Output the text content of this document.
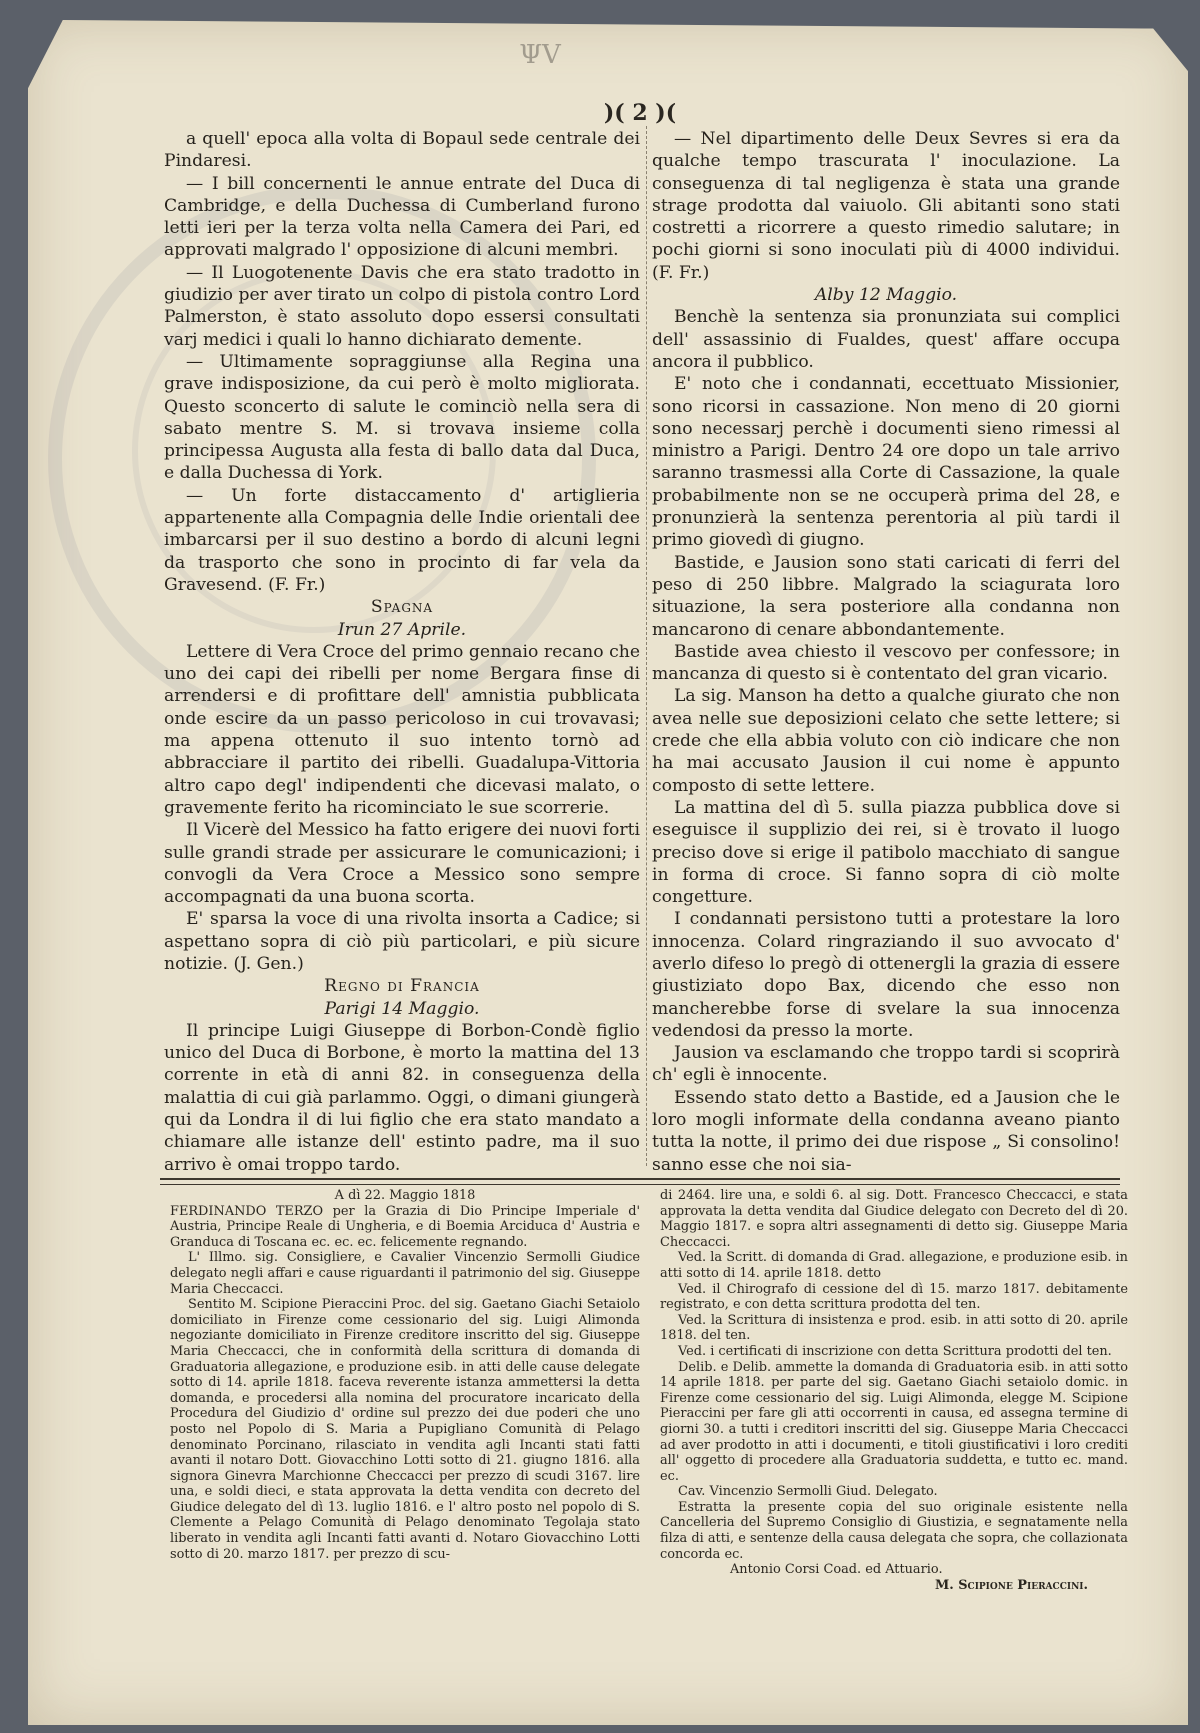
ΨV
)( 2 )(

a quell' epoca alla volta di Bopaul sede centrale dei Pindaresi.

— I bill concernenti le annue entrate del Duca di Cambridge, e della Duchessa di Cumberland furono letti ieri per la terza volta nella Camera dei Pari, ed approvati malgrado l' opposizione di alcuni membri.

— Il Luogotenente Davis che era stato tradotto in giudizio per aver tirato un colpo di pistola contro Lord Palmerston, è stato assoluto dopo essersi consultati varj medici i quali lo hanno dichiarato demente.

— Ultimamente sopraggiunse alla Regina una grave indisposizione, da cui però è molto migliorata. Questo sconcerto di salute le cominciò nella sera di sabato mentre S. M. si trovava insieme colla principessa Augusta alla festa di ballo data dal Duca, e dalla Duchessa di York.

— Un forte distaccamento d' artiglieria appartenente alla Compagnia delle Indie orientali dee imbarcarsi per il suo destino a bordo di alcuni legni da trasporto che sono in procinto di far vela da Gravesend. (F. Fr.)

Spagna

Irun 27 Aprile.

Lettere di Vera Croce del primo gennaio recano che uno dei capi dei ribelli per nome Bergara finse di arrendersi e di profittare dell' amnistia pubblicata onde escire da un passo pericoloso in cui trovavasi; ma appena ottenuto il suo intento tornò ad abbracciare il partito dei ribelli. Guadalupa-Vittoria altro capo degl' indipendenti che dicevasi malato, o gravemente ferito ha ricominciato le sue scorrerie.

Il Vicerè del Messico ha fatto erigere dei nuovi forti sulle grandi strade per assicurare le comunicazioni; i convogli da Vera Croce a Messico sono sempre accompagnati da una buona scorta.

E' sparsa la voce di una rivolta insorta a Cadice; si aspettano sopra di ciò più particolari, e più sicure notizie. (J. Gen.)

Regno di Francia

Parigi 14 Maggio.

Il principe Luigi Giuseppe di Borbon-Condè figlio unico del Duca di Borbone, è morto la mattina del 13 corrente in età di anni 82. in conseguenza della malattia di cui già parlammo. Oggi, o dimani giungerà qui da Londra il di lui figlio che era stato mandato a chiamare alle istanze dell' estinto padre, ma il suo arrivo è omai troppo tardo.

— Nel dipartimento delle Deux Sevres si era da qualche tempo trascurata l' inoculazione. La conseguenza di tal negligenza è stata una grande strage prodotta dal vaiuolo. Gli abitanti sono stati costretti a ricorrere a questo rimedio salutare; in pochi giorni si sono inoculati più di 4000 individui. (F. Fr.)

Alby 12 Maggio.

Benchè la sentenza sia pronunziata sui complici dell' assassinio di Fualdes, quest' affare occupa ancora il pubblico.

E' noto che i condannati, eccettuato Missionier, sono ricorsi in cassazione. Non meno di 20 giorni sono necessarj perchè i documenti sieno rimessi al ministro a Parigi. Dentro 24 ore dopo un tale arrivo saranno trasmessi alla Corte di Cassazione, la quale probabilmente non se ne occuperà prima del 28, e pronunzierà la sentenza perentoria al più tardi il primo giovedì di giugno.

Bastide, e Jausion sono stati caricati di ferri del peso di 250 libbre. Malgrado la sciagurata loro situazione, la sera posteriore alla condanna non mancarono di cenare abbondantemente.

Bastide avea chiesto il vescovo per confessore; in mancanza di questo si è contentato del gran vicario.

La sig. Manson ha detto a qualche giurato che non avea nelle sue deposizioni celato che sette lettere; si crede che ella abbia voluto con ciò indicare che non ha mai accusato Jausion il cui nome è appunto composto di sette lettere.

La mattina del dì 5. sulla piazza pubblica dove si eseguisce il supplizio dei rei, si è trovato il luogo preciso dove si erige il patibolo macchiato di sangue in forma di croce. Si fanno sopra di ciò molte congetture.

I condannati persistono tutti a protestare la loro innocenza. Colard ringraziando il suo avvocato d' averlo difeso lo pregò di ottenergli la grazia di essere giustiziato dopo Bax, dicendo che esso non mancherebbe forse di svelare la sua innocenza vedendosi da presso la morte.

Jausion va esclamando che troppo tardi si scoprirà ch' egli è innocente.

Essendo stato detto a Bastide, ed a Jausion che le loro mogli informate della condanna aveano pianto tutta la notte, il primo dei due rispose „ Si consolino! sanno esse che noi sia-

A dì 22. Maggio 1818

FERDINANDO TERZO per la Grazia di Dio Principe Imperiale d' Austria, Principe Reale di Ungheria, e di Boemia Arciduca d' Austria e Granduca di Toscana ec. ec. ec. felicemente regnando.

L' Illmo. sig. Consigliere, e Cavalier Vincenzio Sermolli Giudice delegato negli affari e cause riguardanti il patrimonio del sig. Giuseppe Maria Checcacci.

Sentito M. Scipione Pieraccini Proc. del sig. Gaetano Giachi Setaiolo domiciliato in Firenze come cessionario del sig. Luigi Alimonda negoziante domiciliato in Firenze creditore inscritto del sig. Giuseppe Maria Checcacci, che in conformità della scrittura di domanda di Graduatoria allegazione, e produzione esib. in atti delle cause delegate sotto di 14. aprile 1818. faceva reverente istanza ammettersi la detta domanda, e procedersi alla nomina del procuratore incaricato della Procedura del Giudizio d' ordine sul prezzo dei due poderi che uno posto nel Popolo di S. Maria a Pupigliano Comunità di Pelago denominato Porcinano, rilasciato in vendita agli Incanti stati fatti avanti il notaro Dott. Giovacchino Lotti sotto di 21. giugno 1816. alla signora Ginevra Marchionne Checcacci per prezzo di scudi 3167. lire una, e soldi dieci, e stata approvata la detta vendita con decreto del Giudice delegato del dì 13. luglio 1816. e l' altro posto nel popolo di S. Clemente a Pelago Comunità di Pelago denominato Tegolaja stato liberato in vendita agli Incanti fatti avanti d. Notaro Giovacchino Lotti sotto di 20. marzo 1817. per prezzo di scu-

di 2464. lire una, e soldi 6. al sig. Dott. Francesco Checcacci, e stata approvata la detta vendita dal Giudice delegato con Decreto del dì 20. Maggio 1817. e sopra altri assegnamenti di detto sig. Giuseppe Maria Checcacci.

Ved. la Scritt. di domanda di Grad. allegazione, e produzione esib. in atti sotto di 14. aprile 1818. detto

Ved. il Chirografo di cessione del dì 15. marzo 1817. debitamente registrato, e con detta scrittura prodotta del ten.

Ved. la Scrittura di insistenza e prod. esib. in atti sotto di 20. aprile 1818. del ten.

Ved. i certificati di inscrizione con detta Scrittura prodotti del ten.

Delib. e Delib. ammette la domanda di Graduatoria esib. in atti sotto 14 aprile 1818. per parte del sig. Gaetano Giachi setaiolo domic. in Firenze come cessionario del sig. Luigi Alimonda, elegge M. Scipione Pieraccini per fare gli atti occorrenti in causa, ed assegna termine di giorni 30. a tutti i creditori inscritti del sig. Giuseppe Maria Checcacci ad aver prodotto in atti i documenti, e titoli giustificativi i loro crediti all' oggetto di procedere alla Graduatoria suddetta, e tutto ec. mand. ec.

Cav. Vincenzio Sermolli Giud. Delegato.

Estratta la presente copia del suo originale esistente nella Cancelleria del Supremo Consiglio di Giustizia, e segnatamente nella filza di atti, e sentenze della causa delegata che sopra, che collazionata concorda ec.

Antonio Corsi Coad. ed Attuario.

M. Scipione Pieraccini.
